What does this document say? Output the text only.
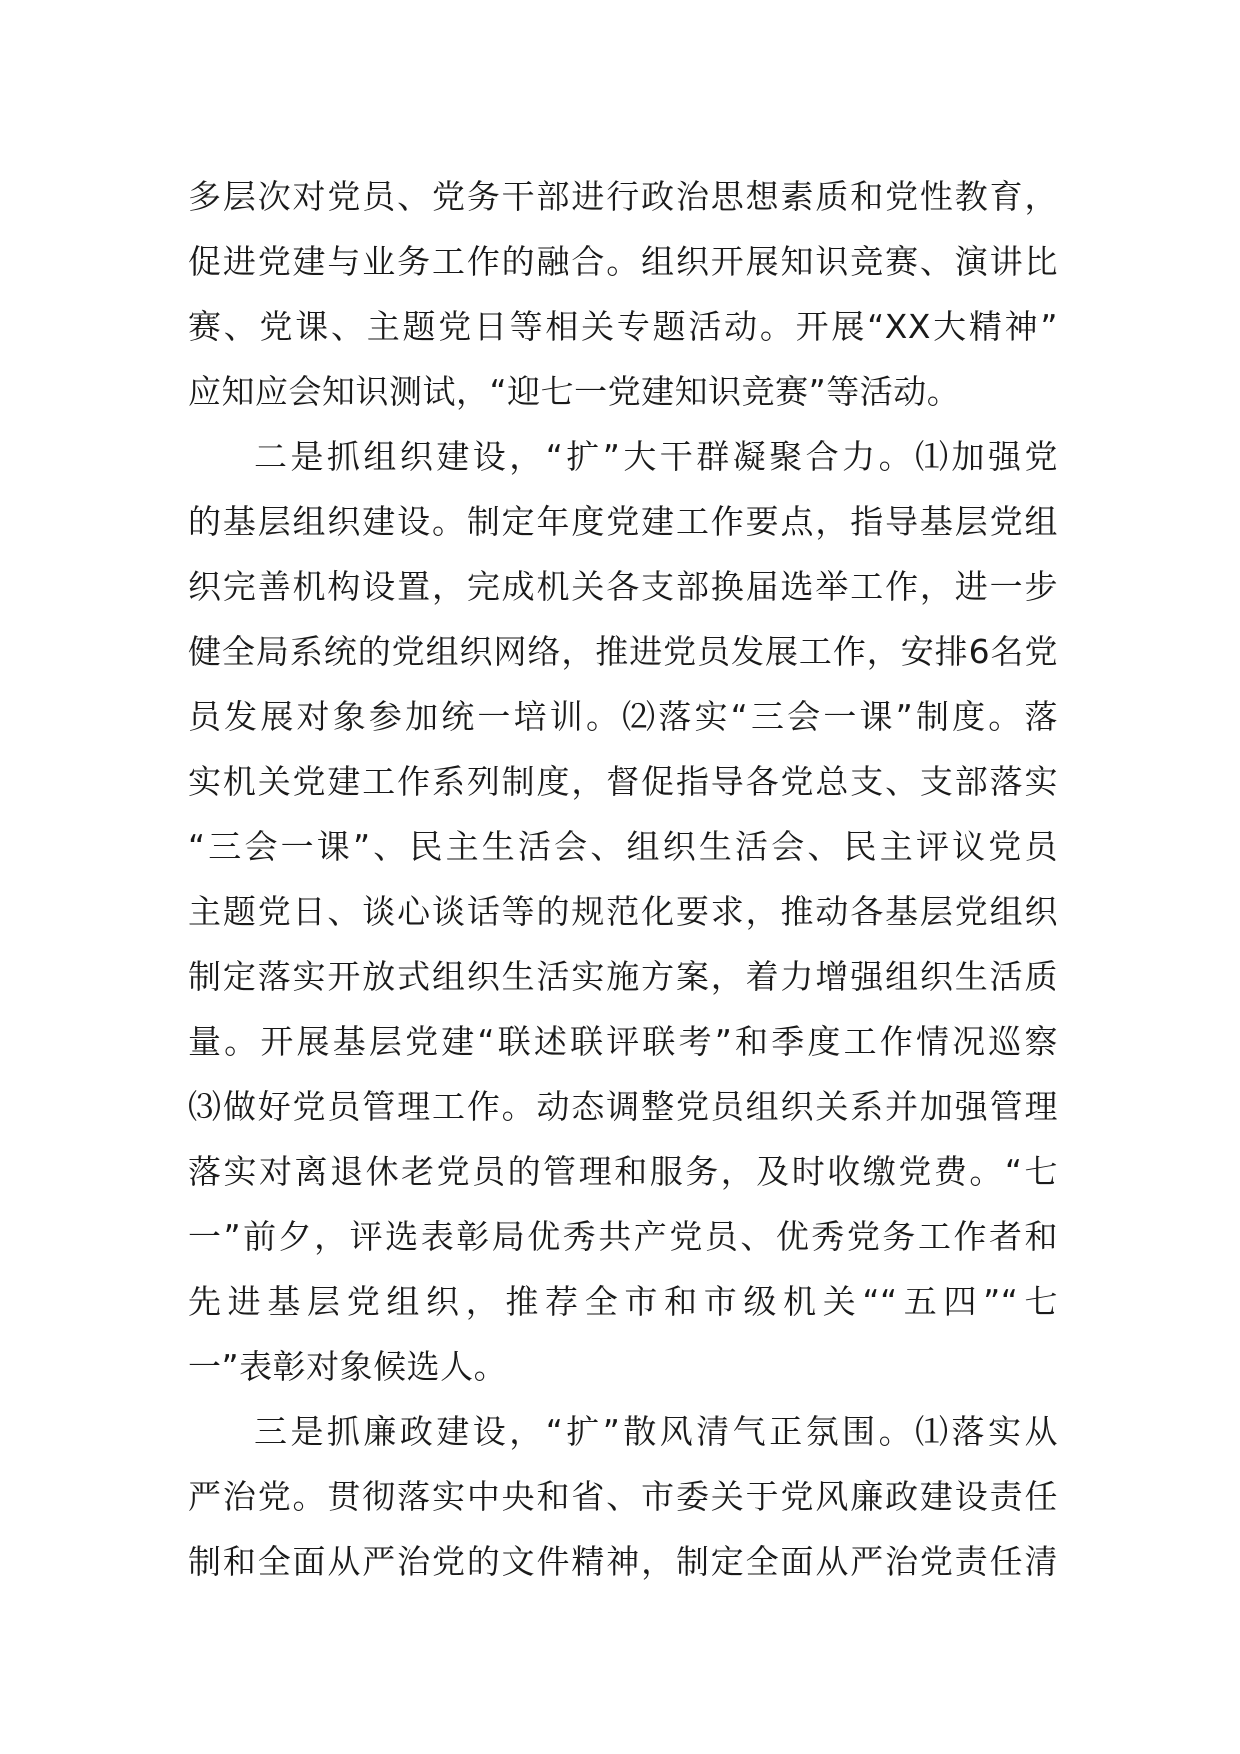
多层次对党员、党务干部进行政治思想素质和党性教育，
促进党建与业务工作的融合。组织开展知识竞赛、演讲比
赛、党课、主题党日等相关专题活动。开展“XX大精神”
应知应会知识测试，“迎七一党建知识竞赛”等活动。
二是抓组织建设，“扩”大干群凝聚合力。⑴加强党
的基层组织建设。制定年度党建工作要点，指导基层党组
织完善机构设置，完成机关各支部换届选举工作，进一步
健全局系统的党组织网络，推进党员发展工作，安排6名党
员发展对象参加统一培训。⑵落实“三会一课”制度。落
实机关党建工作系列制度，督促指导各党总支、支部落实
“三会一课”、民主生活会、组织生活会、民主评议党员
主题党日、谈心谈话等的规范化要求，推动各基层党组织
制定落实开放式组织生活实施方案，着力增强组织生活质
量。开展基层党建“联述联评联考”和季度工作情况巡察
⑶做好党员管理工作。动态调整党员组织关系并加强管理
落实对离退休老党员的管理和服务，及时收缴党费。“七
一”前夕，评选表彰局优秀共产党员、优秀党务工作者和
先进基层党组织，推荐全市和市级机关““五四”“七
一”表彰对象候选人。
三是抓廉政建设，“扩”散风清气正氛围。⑴落实从
严治党。贯彻落实中央和省、市委关于党风廉政建设责任
制和全面从严治党的文件精神，制定全面从严治党责任清
